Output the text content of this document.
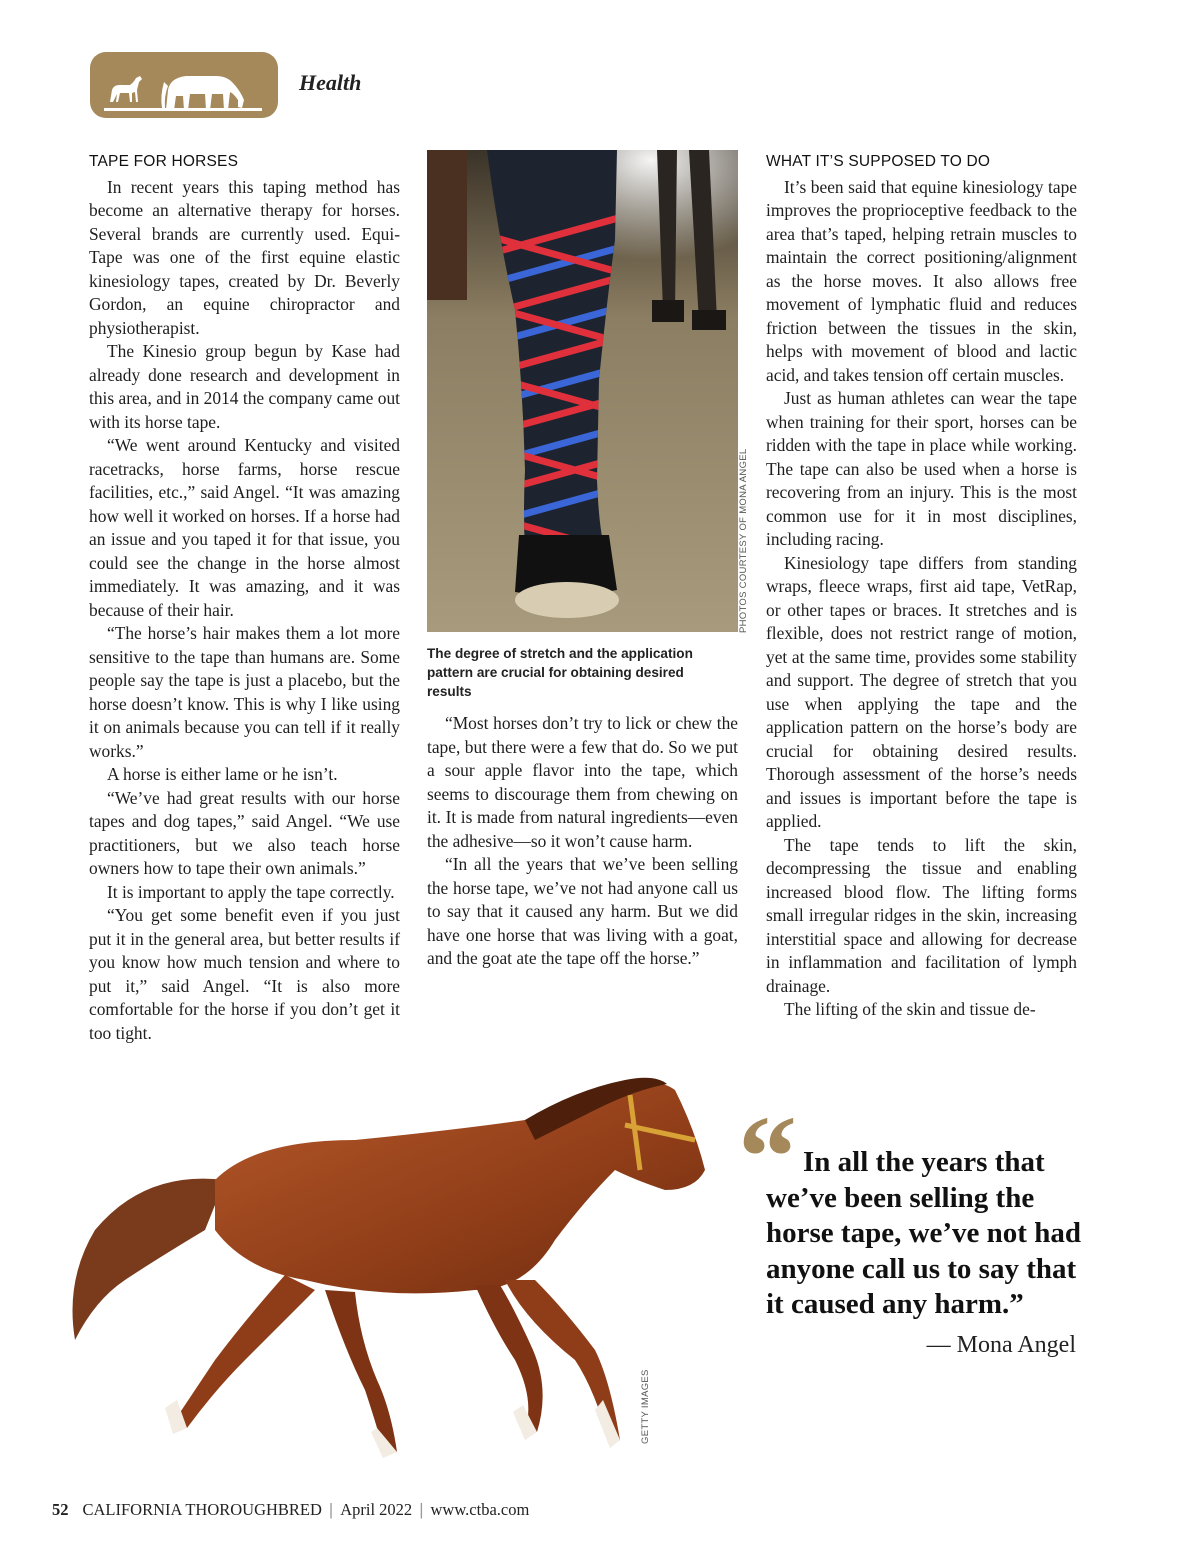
Health
TAPE FOR HORSES

In recent years this taping method has become an alternative therapy for horses. Several brands are currently used. Equi-Tape was one of the first equine elastic kinesiology tapes, created by Dr. Beverly Gordon, an equine chiropractor and physiotherapist.

The Kinesio group begun by Kase had already done research and development in this area, and in 2014 the company came out with its horse tape.

“We went around Kentucky and visited racetracks, horse farms, horse rescue facilities, etc.,” said Angel. “It was amazing how well it worked on horses. If a horse had an issue and you taped it for that issue, you could see the change in the horse almost immediately. It was amazing, and it was because of their hair.

“The horse’s hair makes them a lot more sensitive to the tape than humans are. Some people say the tape is just a placebo, but the horse doesn’t know. This is why I like using it on animals because you can tell if it really works.”

A horse is either lame or he isn’t.

“We’ve had great results with our horse tapes and dog tapes,” said Angel. “We use practitioners, but we also teach horse owners how to tape their own animals.”

It is important to apply the tape correctly.

“You get some benefit even if you just put it in the general area, but better results if you know how much tension and where to put it,” said Angel. “It is also more comfortable for the horse if you don’t get it too tight.

PHOTOS COURTESY OF MONA ANGEL
The degree of stretch and the application pattern are crucial for obtaining desired results

“Most horses don’t try to lick or chew the tape, but there were a few that do. So we put a sour apple flavor into the tape, which seems to discourage them from chewing on it. It is made from natural ingredients—even the adhesive—so it won’t cause harm.

“In all the years that we’ve been selling the horse tape, we’ve not had anyone call us to say that it caused any harm. But we did have one horse that was living with a goat, and the goat ate the tape off the horse.”

WHAT IT’S SUPPOSED TO DO

It’s been said that equine kinesiology tape improves the proprioceptive feedback to the area that’s taped, helping retrain muscles to maintain the correct positioning/alignment as the horse moves. It also allows free movement of lymphatic fluid and reduces friction between the tissues in the skin, helps with movement of blood and lactic acid, and takes tension off certain muscles.

Just as human athletes can wear the tape when training for their sport, horses can be ridden with the tape in place while working. The tape can also be used when a horse is recovering from an injury. This is the most common use for it in most disciplines, including racing.

Kinesiology tape differs from standing wraps, fleece wraps, first aid tape, VetRap, or other tapes or braces. It stretches and is flexible, does not restrict range of motion, yet at the same time, provides some stability and support. The degree of stretch that you use when applying the tape and the application pattern on the horse’s body are crucial for obtaining desired results. Thorough assessment of the horse’s needs and issues is important before the tape is applied.

The tape tends to lift the skin, decompressing the tissue and enabling increased blood flow. The lifting forms small irregular ridges in the skin, increasing interstitial space and allowing for decrease in inflammation and facilitation of lymph drainage.

The lifting of the skin and tissue de-

GETTY IMAGES
“ In all the years that we’ve been selling the horse tape, we’ve not had anyone call us to say that it caused any harm.”
— Mona Angel
52 CALIFORNIA THOROUGHBRED | April 2022 | www.ctba.com
